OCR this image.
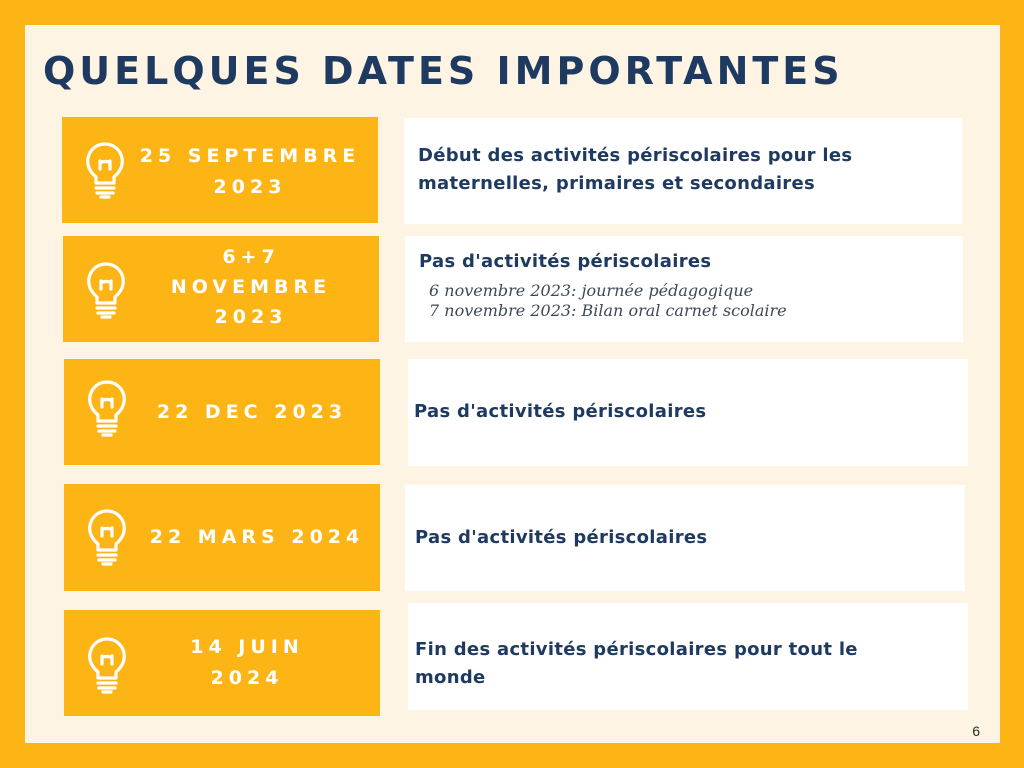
QUELQUES DATES IMPORTANTES
25 SEPTEMBRE
2023
Début des activités périscolaires pour les
maternelles, primaires et secondaires
6+7
NOVEMBRE
2023
Pas d'activités périscolaires
6 novembre 2023: journée pédagogique
7 novembre 2023: Bilan oral carnet scolaire
22 DEC 2023	Pas d'activités périscolaires
22 MARS 2024	Pas d'activités périscolaires
14 JUIN
2024
Fin des activités périscolaires pour tout le
monde
6
